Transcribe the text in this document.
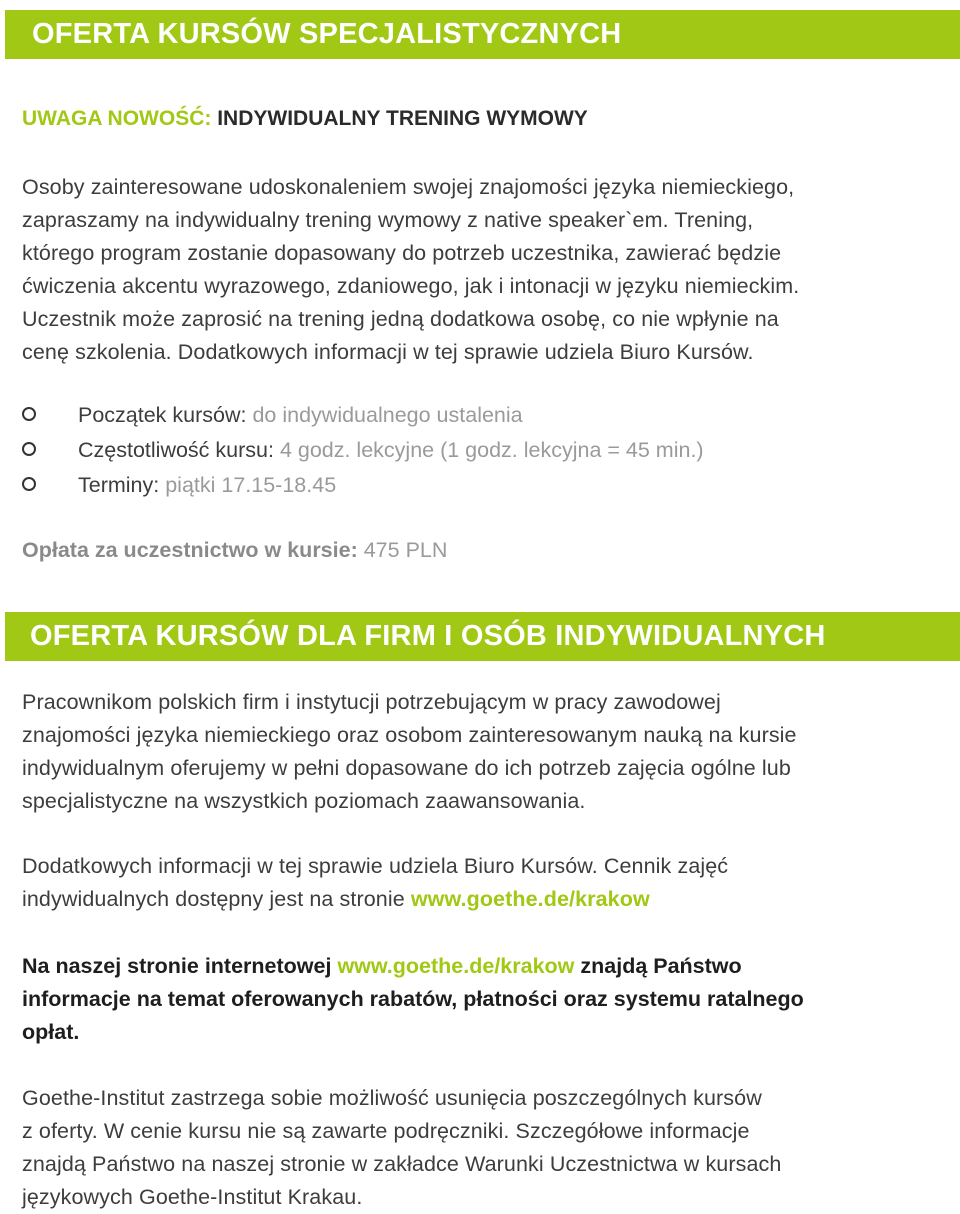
OFERTA KURSÓW SPECJALISTYCZNYCH
UWAGA NOWOŚĆ: INDYWIDUALNY TRENING WYMOWY
Osoby zainteresowane udoskonaleniem swojej znajomości języka niemieckiego,
zapraszamy na indywidualny trening wymowy z native speaker`em. Trening,
którego program zostanie dopasowany do potrzeb uczestnika, zawierać będzie
ćwiczenia akcentu wyrazowego, zdaniowego, jak i intonacji w języku niemieckim.
Uczestnik może zaprosić na trening jedną dodatkowa osobę, co nie wpłynie na
cenę szkolenia. Dodatkowych informacji w tej sprawie udziela Biuro Kursów.
Początek kursów: do indywidualnego ustalenia
Częstotliwość kursu: 4 godz. lekcyjne (1 godz. lekcyjna = 45 min.)
Terminy: piątki 17.15-18.45
Opłata za uczestnictwo w kursie: 475 PLN
OFERTA KURSÓW DLA FIRM I OSÓB INDYWIDUALNYCH
Pracownikom polskich firm i instytucji potrzebującym w pracy zawodowej
znajomości języka niemieckiego oraz osobom zainteresowanym nauką na kursie
indywidualnym oferujemy w pełni dopasowane do ich potrzeb zajęcia ogólne lub
specjalistyczne na wszystkich poziomach zaawansowania.
Dodatkowych informacji w tej sprawie udziela Biuro Kursów. Cennik zajęć
indywidualnych dostępny jest na stronie www.goethe.de/krakow
Na naszej stronie internetowej www.goethe.de/krakow znajdą Państwo
informacje na temat oferowanych rabatów, płatności oraz systemu ratalnego
opłat.
Goethe-Institut zastrzega sobie możliwość usunięcia poszczególnych kursów
z oferty. W cenie kursu nie są zawarte podręczniki. Szczegółowe informacje
znajdą Państwo na naszej stronie w zakładce Warunki Uczestnictwa w kursach
językowych Goethe-Institut Krakau.
